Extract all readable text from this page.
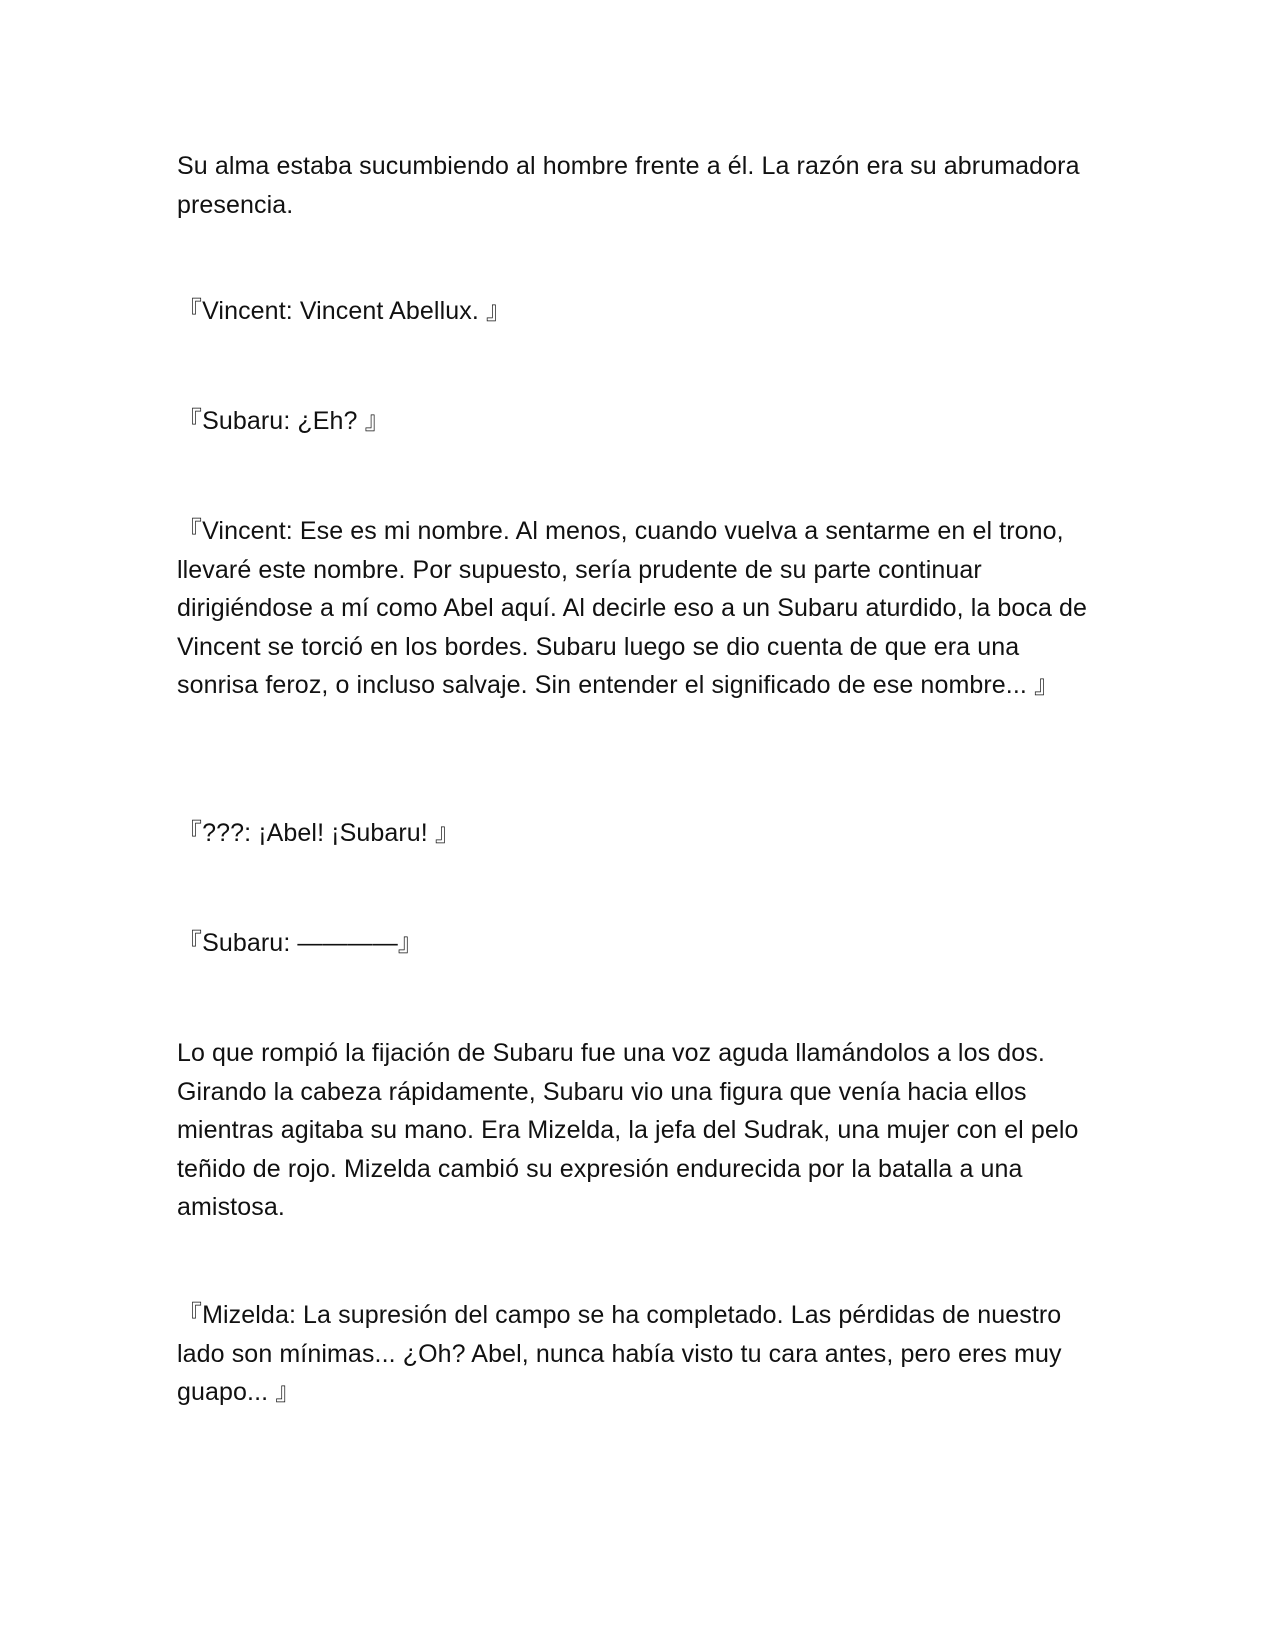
Su alma estaba sucumbiendo al hombre frente a él. La razón era su abrumadora presencia.

『Vincent: Vincent Abellux. 』

『Subaru: ¿Eh? 』

『Vincent: Ese es mi nombre. Al menos, cuando vuelva a sentarme en el trono, llevaré este nombre. Por supuesto, sería prudente de su parte continuar dirigiéndose a mí como Abel aquí. Al decirle eso a un Subaru aturdido, la boca de Vincent se torció en los bordes. Subaru luego se dio cuenta de que era una sonrisa feroz, o incluso salvaje. Sin entender el significado de ese nombre... 』

『???: ¡Abel! ¡Subaru! 』

『Subaru: ————』

Lo que rompió la fijación de Subaru fue una voz aguda llamándolos a los dos. Girando la cabeza rápidamente, Subaru vio una figura que venía hacia ellos mientras agitaba su mano. Era Mizelda, la jefa del Sudrak, una mujer con el pelo teñido de rojo. Mizelda cambió su expresión endurecida por la batalla a una amistosa.

『Mizelda: La supresión del campo se ha completado. Las pérdidas de nuestro lado son mínimas... ¿Oh? Abel, nunca había visto tu cara antes, pero eres muy guapo... 』
